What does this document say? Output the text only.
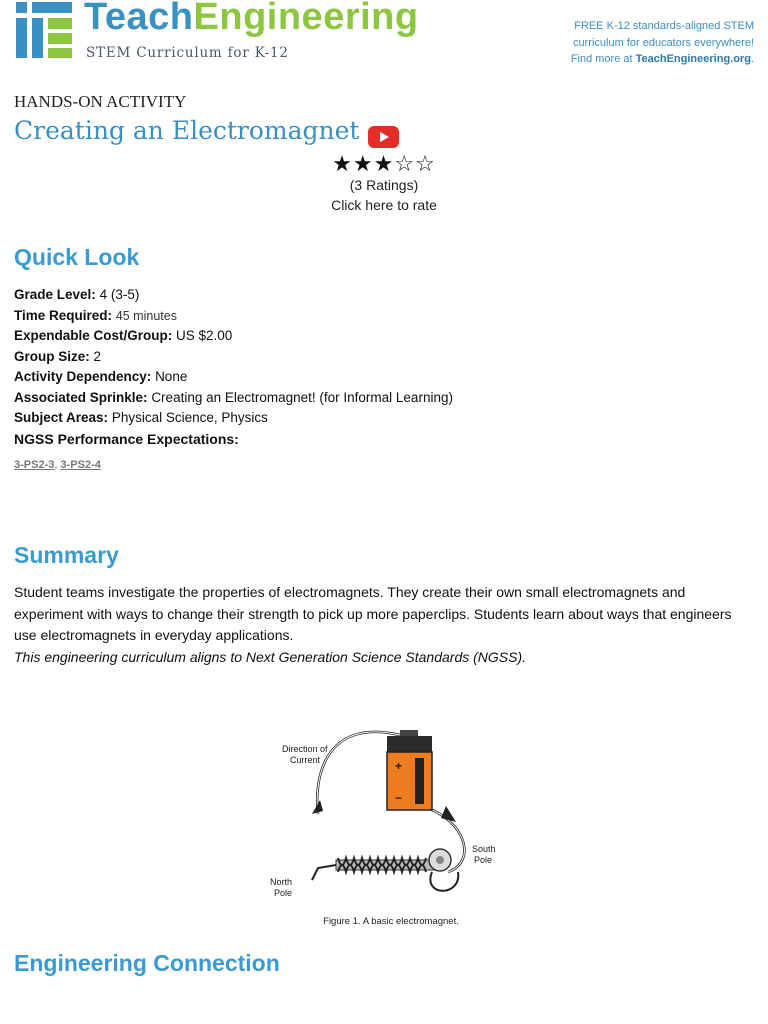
TeachEngineering
STEM Curriculum for K-12
FREE K-12 standards-aligned STEM
curriculum for educators everywhere!
Find more at TeachEngineering.org.
HANDS-ON ACTIVITY
Creating an Electromagnet
★★★☆☆
(3 Ratings)
Click here to rate
Quick Look
Grade Level: 4 (3-5)
Time Required: 45 minutes
Expendable Cost/Group: US $2.00
Group Size: 2
Activity Dependency: None
Associated Sprinkle: Creating an Electromagnet! (for Informal Learning)
Subject Areas: Physical Science, Physics
NGSS Performance Expectations:
3-PS2-3, 3-PS2-4
Summary

Student teams investigate the properties of electromagnets. They create their own small electromagnets and experiment with ways to change their strength to pick up more paperclips. Students learn about ways that engineers use electromagnets in everyday applications.

This engineering curriculum aligns to Next Generation Science Standards (NGSS).

+
−
Direction of
Current
South
Pole
North
Pole
Figure 1. A basic electromagnet.
Engineering Connection
